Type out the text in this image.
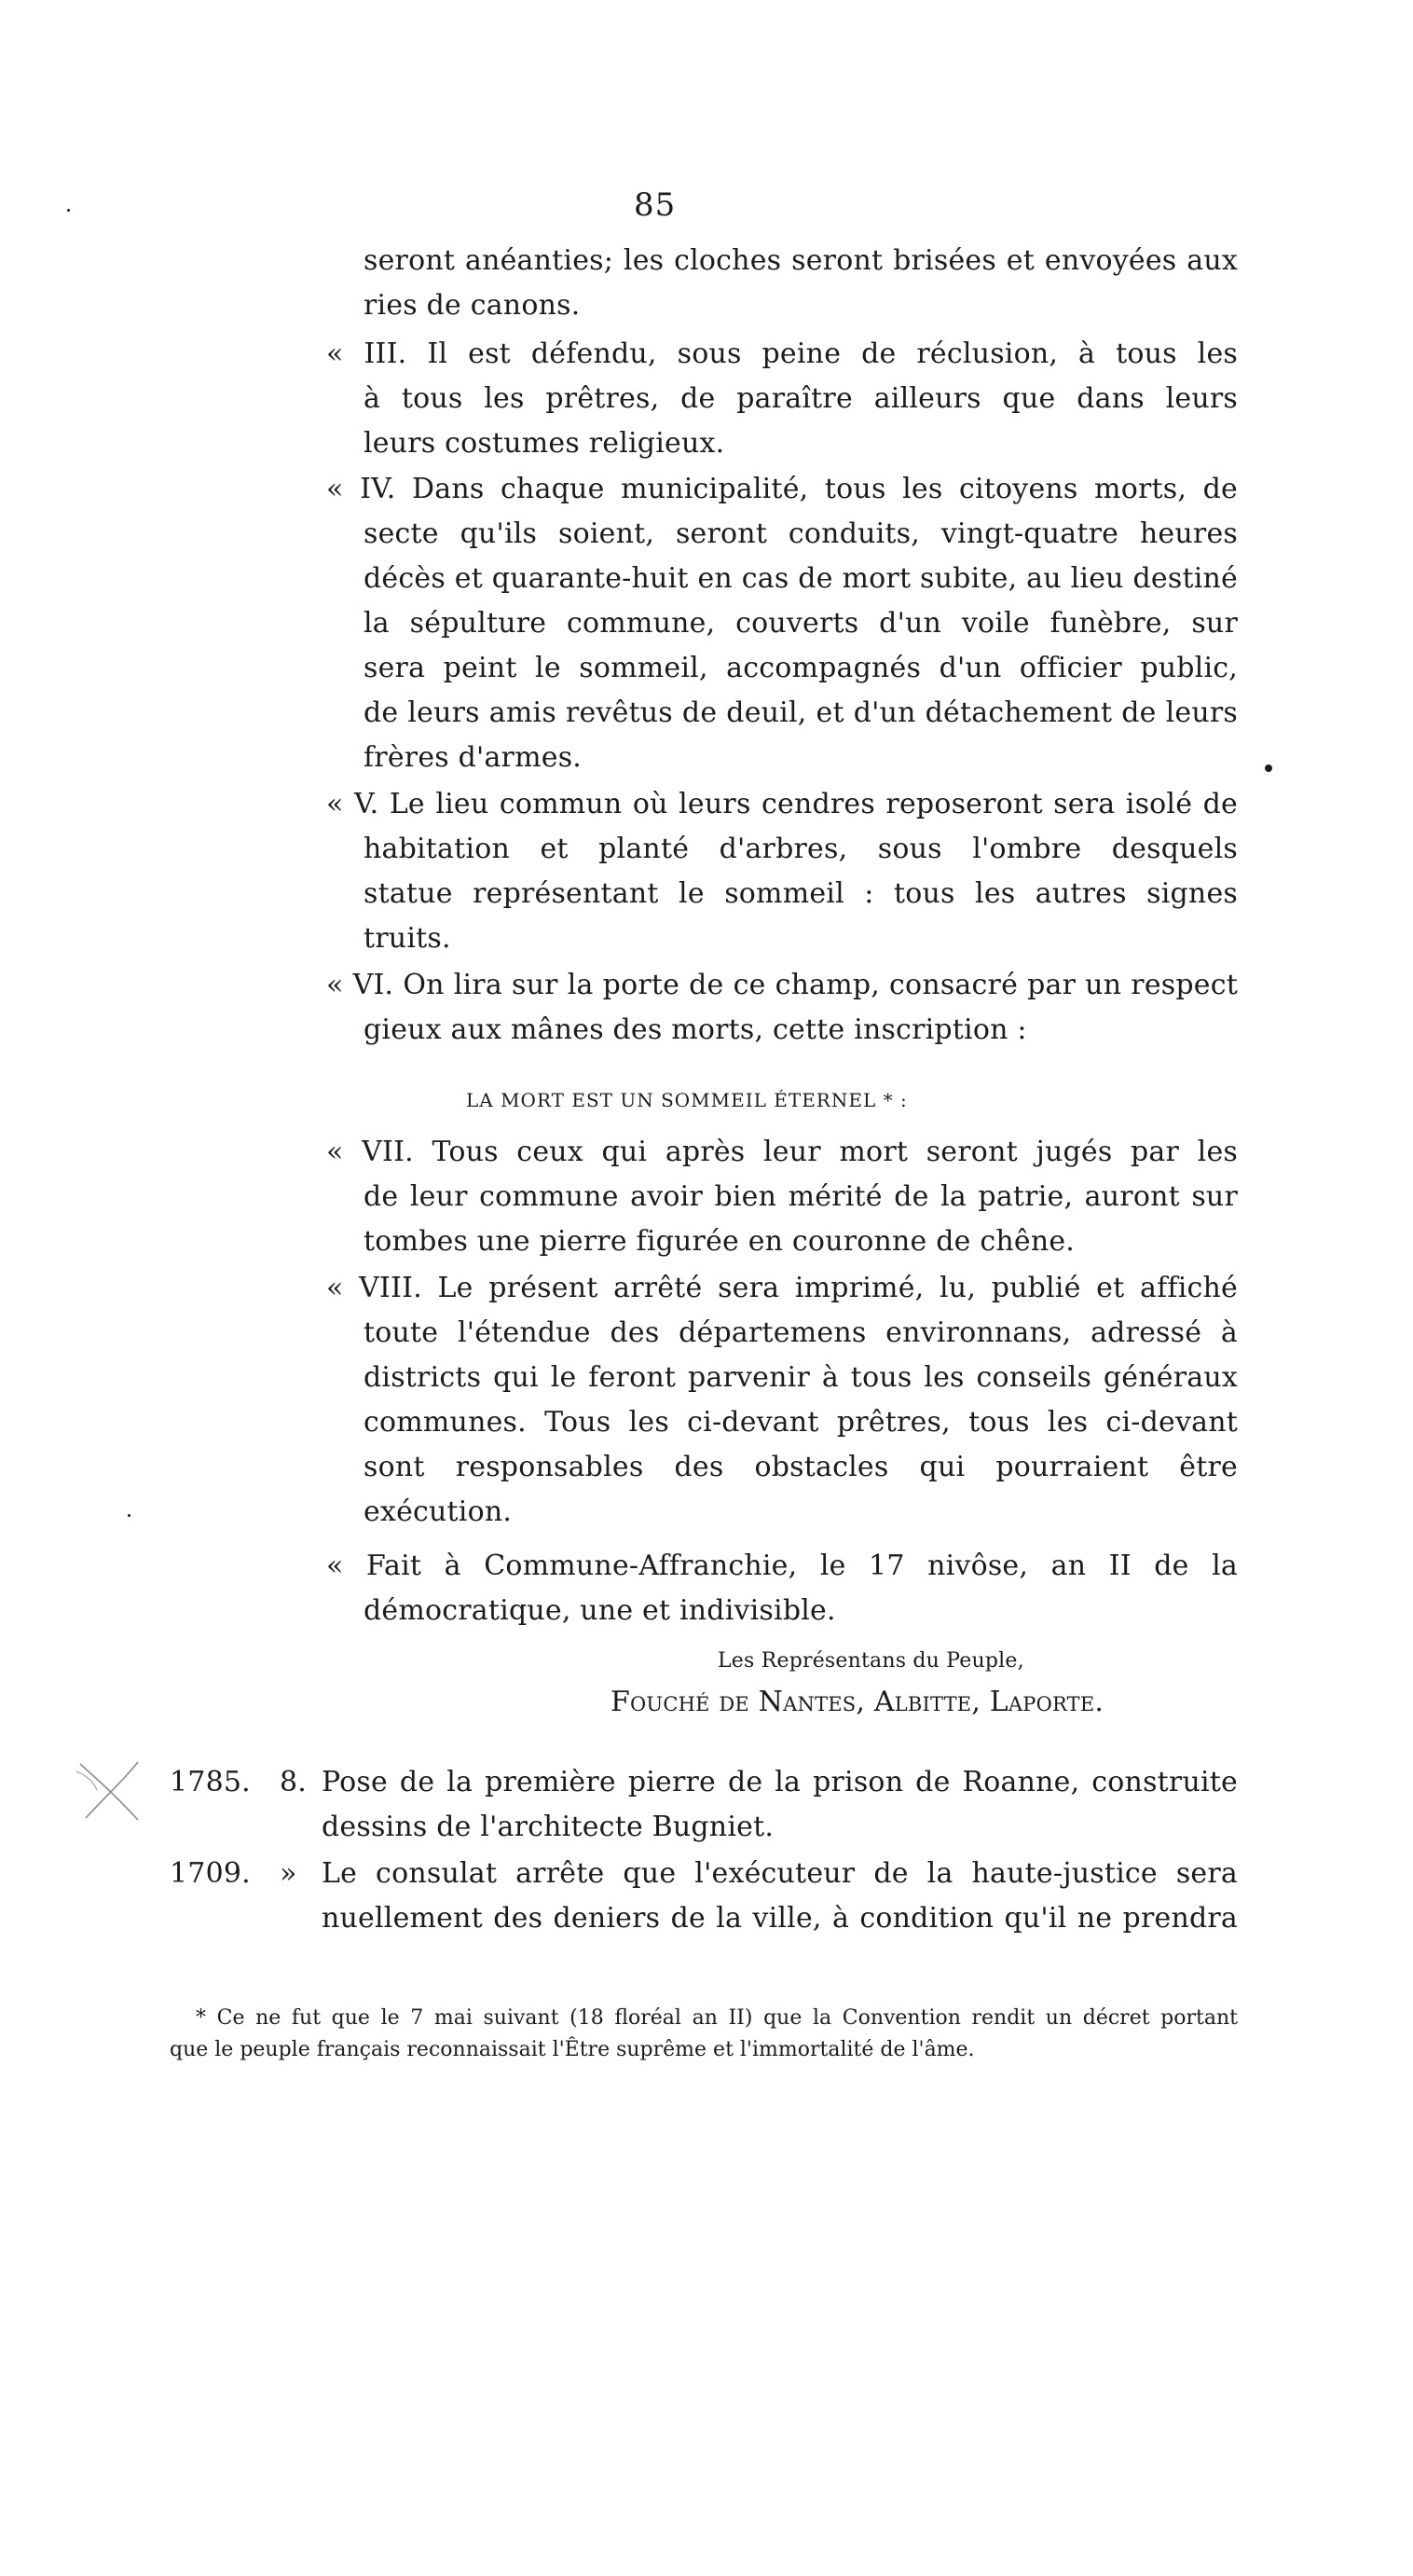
85
seront anéanties; les cloches seront brisées et envoyées aux
ries de canons.
« III. Il est défendu, sous peine de réclusion, à tous les
à tous les prêtres, de paraître ailleurs que dans leurs
leurs costumes religieux.
« IV. Dans chaque municipalité, tous les citoyens morts, de
secte qu'ils soient, seront conduits, vingt-quatre heures
décès et quarante-huit en cas de mort subite, au lieu destiné
la sépulture commune, couverts d'un voile funèbre, sur
sera peint le sommeil, accompagnés d'un officier public,
de leurs amis revêtus de deuil, et d'un détachement de leurs
frères d'armes.
« V. Le lieu commun où leurs cendres reposeront sera isolé de
habitation et planté d'arbres, sous l'ombre desquels
statue représentant le sommeil : tous les autres signes
truits.
« VI. On lira sur la porte de ce champ, consacré par un respect
gieux aux mânes des morts, cette inscription :
LA MORT EST UN SOMMEIL ÉTERNEL * :
« VII. Tous ceux qui après leur mort seront jugés par les
de leur commune avoir bien mérité de la patrie, auront sur
tombes une pierre figurée en couronne de chêne.
« VIII. Le présent arrêté sera imprimé, lu, publié et affiché
toute l'étendue des départemens environnans, adressé à
districts qui le feront parvenir à tous les conseils généraux
communes. Tous les ci-devant prêtres, tous les ci-devant
sont responsables des obstacles qui pourraient être
exécution.
« Fait à Commune-Affranchie, le 17 nivôse, an II de la
démocratique, une et indivisible.
Les Représentans du Peuple,
Fouché de Nantes, Albitte, Laporte.
1785. 8. Pose de la première pierre de la prison de Roanne, construite
dessins de l'architecte Bugniet.
1709. » Le consulat arrête que l'exécuteur de la haute-justice sera
nuellement des deniers de la ville, à condition qu'il ne prendra
* Ce ne fut que le 7 mai suivant (18 floréal an II) que la Convention rendit un décret portant
que le peuple français reconnaissait l'Être suprême et l'immortalité de l'âme.
